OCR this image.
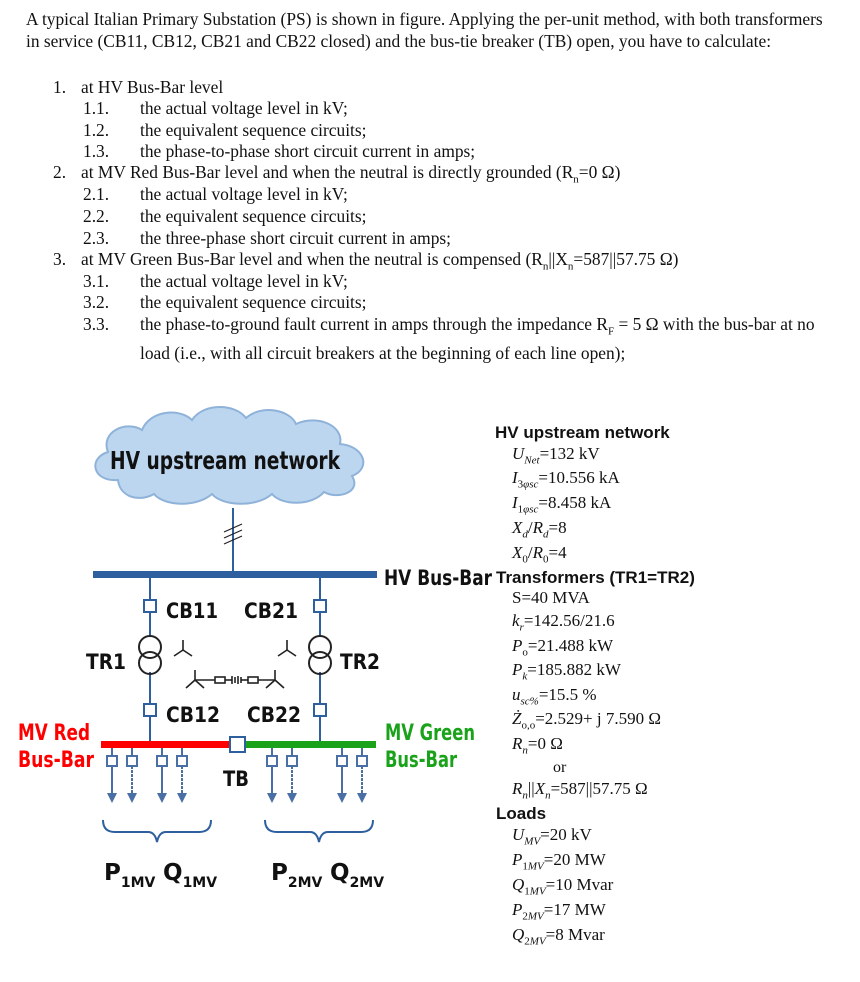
A typical Italian Primary Substation (PS) is shown in figure. Applying the per-unit method, with both transformers in service (CB11, CB12, CB21 and CB22 closed) and the bus-tie breaker (TB) open, you have to calculate:
1. at HV Bus-Bar level
1.1. the actual voltage level in kV;
1.2. the equivalent sequence circuits;
1.3. the phase-to-phase short circuit current in amps;
2. at MV Red Bus-Bar level and when the neutral is directly grounded ($R_n=0$ Ω)
2.1. the actual voltage level in kV;
2.2. the equivalent sequence circuits;
2.3. the three-phase short circuit current in amps;
3. at MV Green Bus-Bar level and when the neutral is compensed ($R_n||X_n=587||57.75$ Ω)
3.1. the actual voltage level in kV;
3.2. the equivalent sequence circuits;
3.3. the phase-to-ground fault current in amps through the impedance $R_F = 5$ Ω with the bus-bar at no load (i.e., with all circuit breakers at the beginning of each line open);
HV upstream network
HV Bus-Bar
CB11 CB21
CB12 CB22
TR1	TR2
TB
MV Red
Bus-Bar
MV Green
Bus-Bar
$P_{1MV}$ $Q_{1MV}$ $P_{2MV}$ $Q_{2MV}$
HV upstream network
$U_{Net}=132$ kV
$I_{3\varphi sc}=10.556$ kA
$I_{1\varphi sc}=8.458$ kA
$X_d/R_d=8$
$X_0/R_0=4$
Transformers (TR1=TR2)
S=40 MVA
$k_r=142.56/21.6$
$P_o=21.488$ kW
$P_k=185.882$ kW
$u_{sc\%}=15.5$ %
$Ż_{o,o}=2.529+ j$ 7.590 Ω
$R_n=0$ Ω
or
$R_n||X_n=587||57.75$ Ω
Loads
$U_{MV}=20$ kV
$P_{1MV}=20$ MW
$Q_{1MV}=10$ Mvar
$P_{2MV}=17$ MW
$Q_{2MV}=8$ Mvar
